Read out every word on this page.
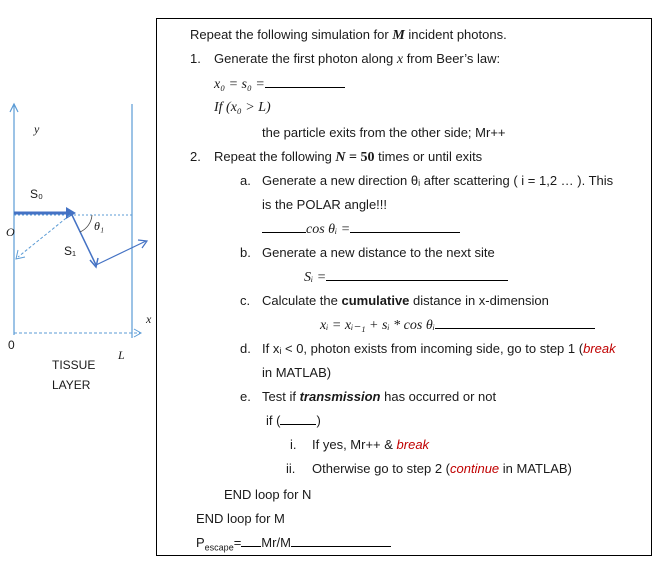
y
x
O
0
S₀
S₁
θ₁
L
TISSUE
LAYER
Repeat the following simulation for M incident photons.
1. Generate the first photon along x from Beer’s law:
x₀ = s₀ =
If (x₀ > L)
the particle exits from the other side; Mr++
2. Repeat the following N = 50 times or until exits
a. Generate a new direction θᵢ after scattering ( i = 1,2 … ). This
is the POLAR angle!!!
cos θᵢ =
b. Generate a new distance to the next site
Sᵢ =
c. Calculate the cumulative distance in x-dimension
xᵢ = xᵢ₋₁ + sᵢ * cos θᵢ
d. If xᵢ < 0, photon exists from incoming side, go to step 1 (break
in MATLAB)
e. Test if transmission has occurred or not
if (	)
i. If yes, Mr++ & break
ii. Otherwise go to step 2 (continue in MATLAB)
END loop for N
END loop for M
$P_{escape}= Mr/M$
